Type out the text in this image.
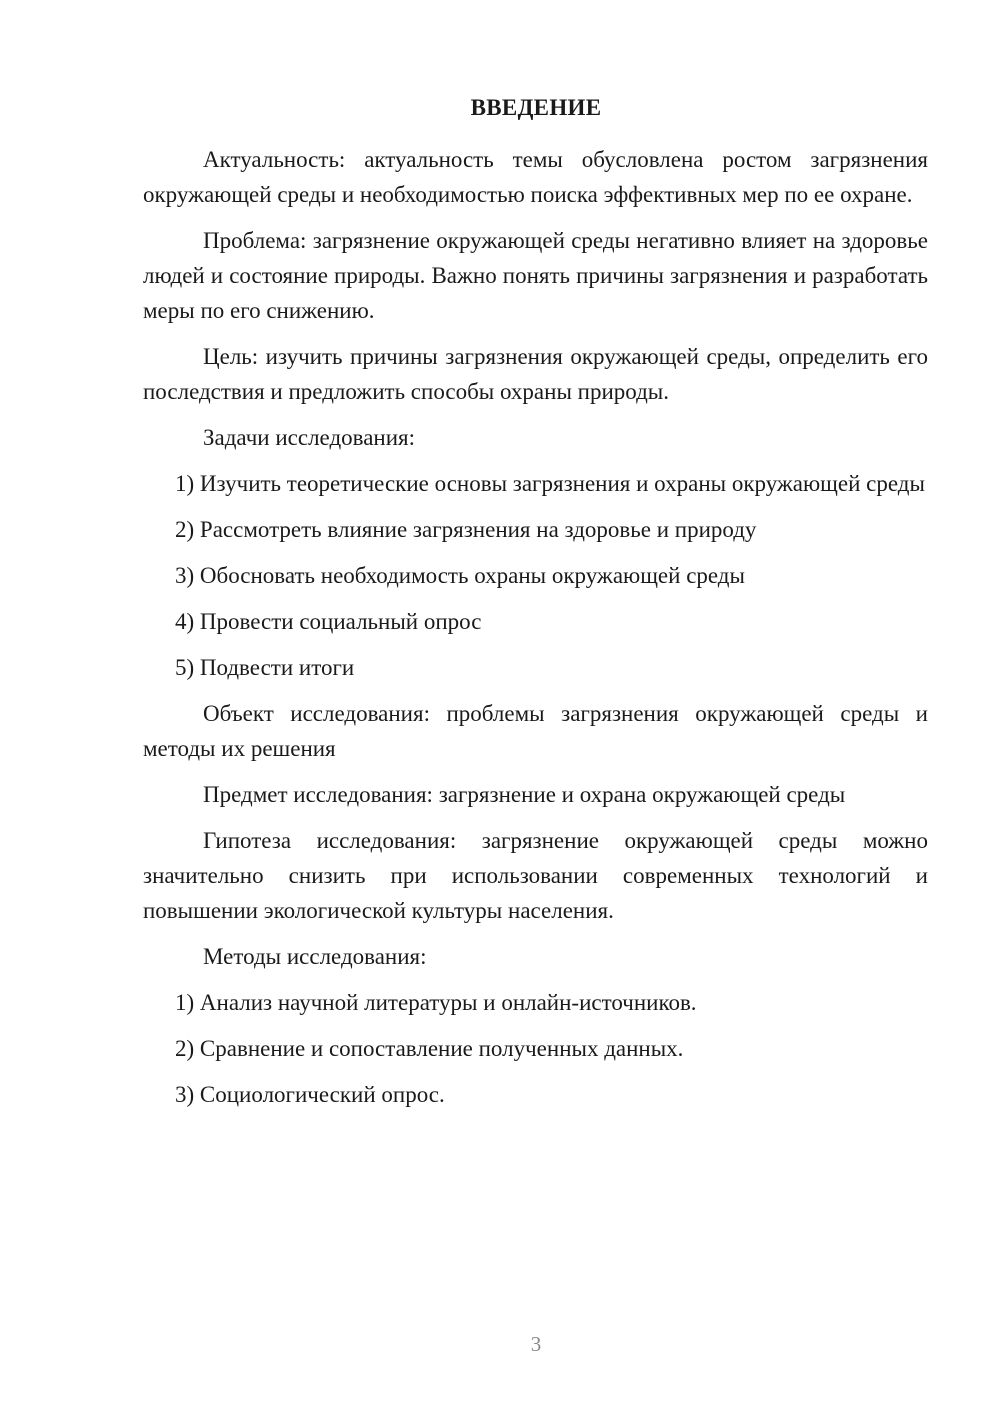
ВВЕДЕНИЕ

Актуальность: актуальность темы обусловлена ростом загрязнения окружающей среды и необходимостью поиска эффективных мер по ее охране.

Проблема: загрязнение окружающей среды негативно влияет на здоровье людей и состояние природы. Важно понять причины загрязнения и разработать меры по его снижению.

Цель: изучить причины загрязнения окружающей среды, определить его последствия и предложить способы охраны природы.

Задачи исследования:

1) Изучить теоретические основы загрязнения и охраны окружающей среды

2) Рассмотреть влияние загрязнения на здоровье и природу

3) Обосновать необходимость охраны окружающей среды

4) Провести социальный опрос

5) Подвести итоги

Объект исследования: проблемы загрязнения окружающей среды и методы их решения

Предмет исследования: загрязнение и охрана окружающей среды

Гипотеза исследования: загрязнение окружающей среды можно значительно снизить при использовании современных технологий и повышении экологической культуры населения.

Методы исследования:

1) Анализ научной литературы и онлайн-источников.

2) Сравнение и сопоставление полученных данных.

3) Социологический опрос.

3
